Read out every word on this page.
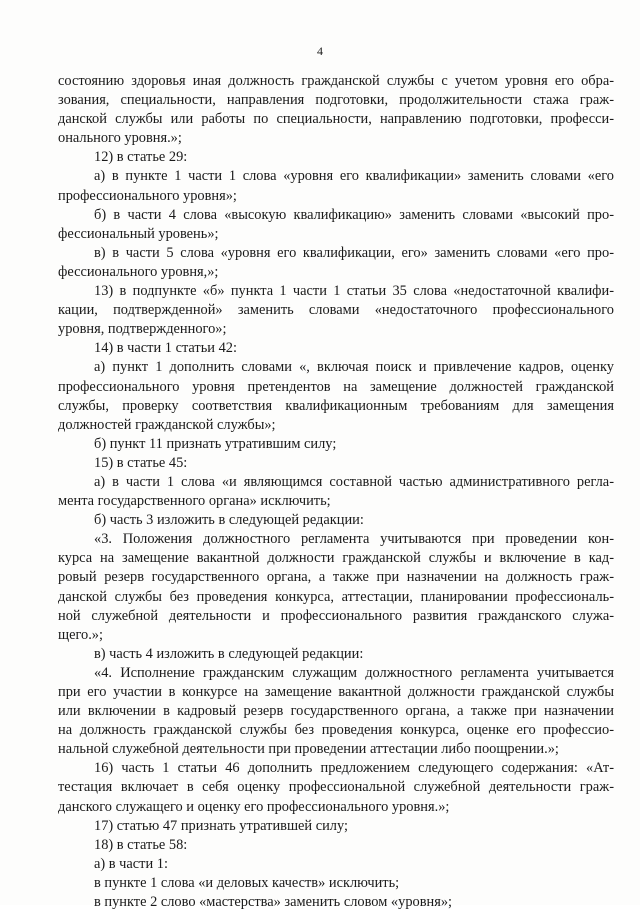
4
состоянию здоровья иная должность гражданской службы с учетом уровня его обра-
зования, специальности, направления подготовки, продолжительности стажа граж-
данской службы или работы по специальности, направлению подготовки, професси-
онального уровня.»;
12) в статье 29:
а) в пункте 1 части 1 слова «уровня его квалификации» заменить словами «его
профессионального уровня»;
б) в части 4 слова «высокую квалификацию» заменить словами «высокий про-
фессиональный уровень»;
в) в части 5 слова «уровня его квалификации, его» заменить словами «его про-
фессионального уровня,»;
13) в подпункте «б» пункта 1 части 1 статьи 35 слова «недостаточной квалифи-
кации, подтвержденной» заменить словами «недостаточного профессионального
уровня, подтвержденного»;
14) в части 1 статьи 42:
а) пункт 1 дополнить словами «, включая поиск и привлечение кадров, оценку
профессионального уровня претендентов на замещение должностей гражданской
службы, проверку соответствия квалификационным требованиям для замещения
должностей гражданской службы»;
б) пункт 11 признать утратившим силу;
15) в статье 45:
а) в части 1 слова «и являющимся составной частью административного регла-
мента государственного органа» исключить;
б) часть 3 изложить в следующей редакции:
«3. Положения должностного регламента учитываются при проведении кон-
курса на замещение вакантной должности гражданской службы и включение в кад-
ровый резерв государственного органа, а также при назначении на должность граж-
данской службы без проведения конкурса, аттестации, планировании профессиональ-
ной служебной деятельности и профессионального развития гражданского служа-
щего.»;
в) часть 4 изложить в следующей редакции:
«4. Исполнение гражданским служащим должностного регламента учитывается
при его участии в конкурсе на замещение вакантной должности гражданской службы
или включении в кадровый резерв государственного органа, а также при назначении
на должность гражданской службы без проведения конкурса, оценке его профессио-
нальной служебной деятельности при проведении аттестации либо поощрении.»;
16) часть 1 статьи 46 дополнить предложением следующего содержания: «Ат-
тестация включает в себя оценку профессиональной служебной деятельности граж-
данского служащего и оценку его профессионального уровня.»;
17) статью 47 признать утратившей силу;
18) в статье 58:
а) в части 1:
в пункте 1 слова «и деловых качеств» исключить;
в пункте 2 слово «мастерства» заменить словом «уровня»;
